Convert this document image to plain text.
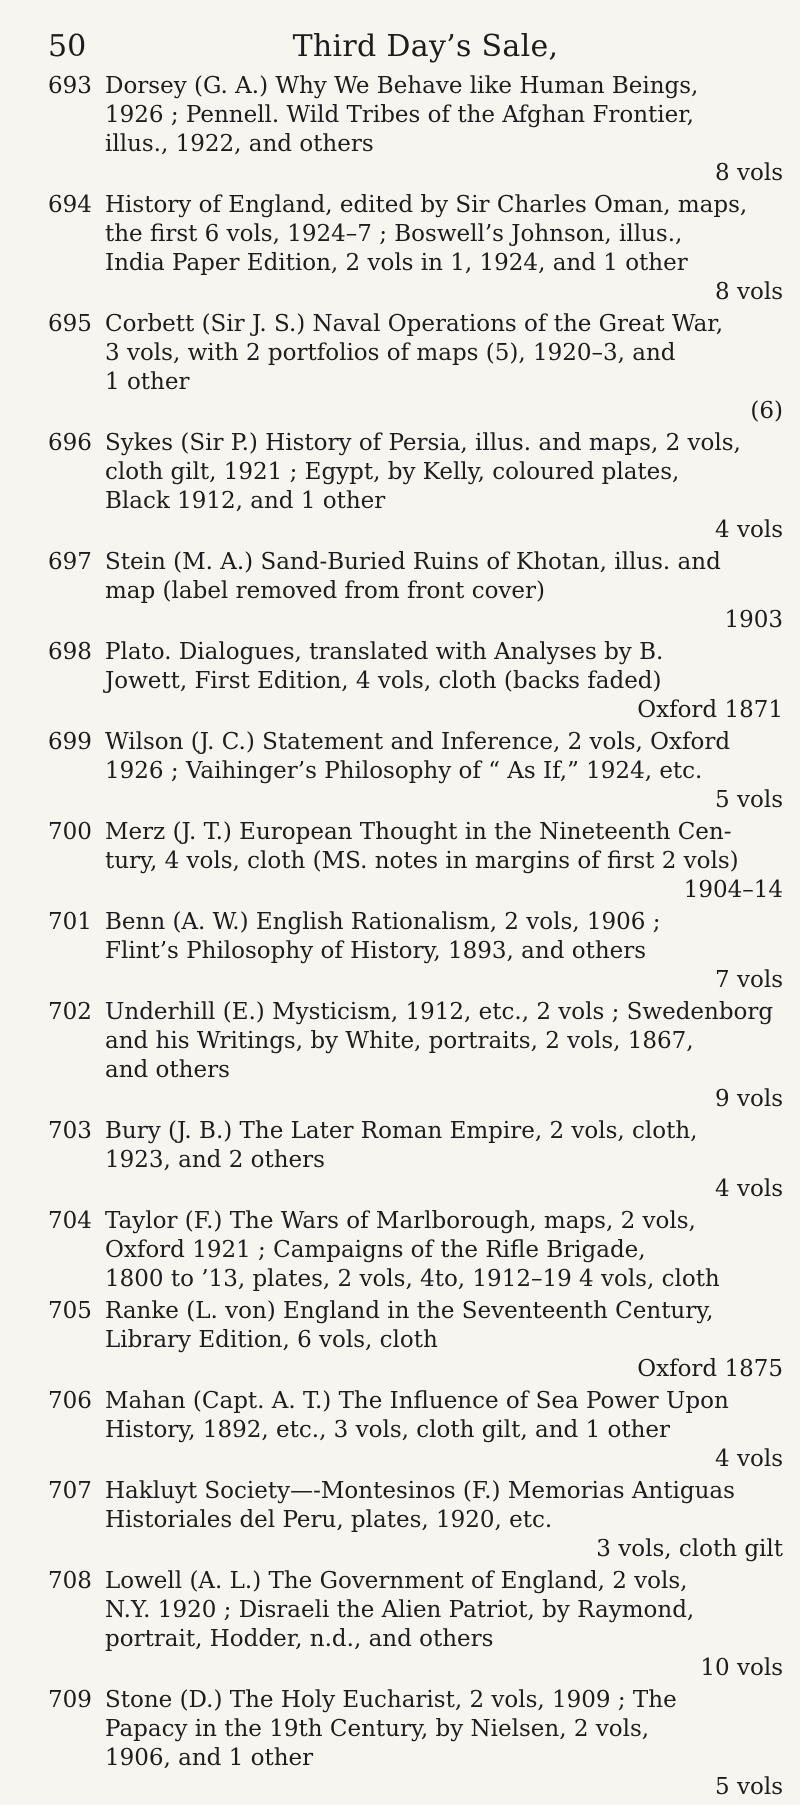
50	Third Day’s Sale,
693 Dorsey (G. A.) Why We Behave like Human Beings,
1926 ; Pennell. Wild Tribes of the Afghan Frontier,
illus., 1922, and others
8 vols
694 History of England, edited by Sir Charles Oman, maps,
the first 6 vols, 1924–7 ; Boswell’s Johnson, illus.,
India Paper Edition, 2 vols in 1, 1924, and 1 other
8 vols
695 Corbett (Sir J. S.) Naval Operations of the Great War,
3 vols, with 2 portfolios of maps (5), 1920–3, and
1 other
(6)
696 Sykes (Sir P.) History of Persia, illus. and maps, 2 vols,
cloth gilt, 1921 ; Egypt, by Kelly, coloured plates,
Black 1912, and 1 other
4 vols
697 Stein (M. A.) Sand-Buried Ruins of Khotan, illus. and
map (label removed from front cover)
1903
698 Plato. Dialogues, translated with Analyses by B.
Jowett, First Edition, 4 vols, cloth (backs faded)
Oxford 1871
699 Wilson (J. C.) Statement and Inference, 2 vols, Oxford
1926 ; Vaihinger’s Philosophy of “ As If,” 1924, etc.
5 vols
700 Merz (J. T.) European Thought in the Nineteenth Cen-
tury, 4 vols, cloth (MS. notes in margins of first 2 vols)
1904–14
701 Benn (A. W.) English Rationalism, 2 vols, 1906 ;
Flint’s Philosophy of History, 1893, and others
7 vols
702 Underhill (E.) Mysticism, 1912, etc., 2 vols ; Swedenborg
and his Writings, by White, portraits, 2 vols, 1867,
and others
9 vols
703 Bury (J. B.) The Later Roman Empire, 2 vols, cloth,
1923, and 2 others
4 vols
704 Taylor (F.) The Wars of Marlborough, maps, 2 vols,
Oxford 1921 ; Campaigns of the Rifle Brigade,
1800 to ’13, plates, 2 vols, 4to, 1912–19 4 vols, cloth
705 Ranke (L. von) England in the Seventeenth Century,
Library Edition, 6 vols, cloth
Oxford 1875
706 Mahan (Capt. A. T.) The Influence of Sea Power Upon
History, 1892, etc., 3 vols, cloth gilt, and 1 other
4 vols
707 Hakluyt Society—-Montesinos (F.) Memorias Antiguas
Historiales del Peru, plates, 1920, etc.
3 vols, cloth gilt
708 Lowell (A. L.) The Government of England, 2 vols,
N.Y. 1920 ; Disraeli the Alien Patriot, by Raymond,
portrait, Hodder, n.d., and others
10 vols
709 Stone (D.) The Holy Eucharist, 2 vols, 1909 ; The
Papacy in the 19th Century, by Nielsen, 2 vols,
1906, and 1 other
5 vols
